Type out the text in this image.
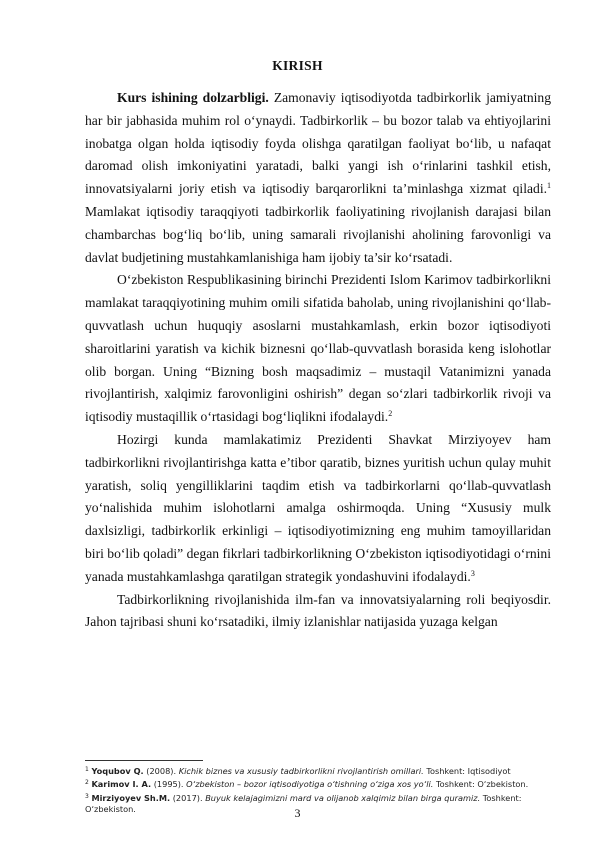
KIRISH

Kurs ishining dolzarbligi. Zamonaviy iqtisodiyotda tadbirkorlik jamiyatning har bir jabhasida muhim rol o‘ynaydi. Tadbirkorlik – bu bozor talab va ehtiyojlarini inobatga olgan holda iqtisodiy foyda olishga qaratilgan faoliyat bo‘lib, u nafaqat daromad olish imkoniyatini yaratadi, balki yangi ish o‘rinlarini tashkil etish, innovatsiyalarni joriy etish va iqtisodiy barqarorlikni ta’minlashga xizmat qiladi.$^1$ Mamlakat iqtisodiy taraqqiyoti tadbirkorlik faoliyatining rivojlanish darajasi bilan chambarchas bog‘liq bo‘lib, uning samarali rivojlanishi aholining farovonligi va davlat budjetining mustahkamlanishiga ham ijobiy ta’sir ko‘rsatadi.

O‘zbekiston Respublikasining birinchi Prezidenti Islom Karimov tadbirkorlikni mamlakat taraqqiyotining muhim omili sifatida baholab, uning rivojlanishini qo‘llab-quvvatlash uchun huquqiy asoslarni mustahkamlash, erkin bozor iqtisodiyoti sharoitlarini yaratish va kichik biznesni qo‘llab-quvvatlash borasida keng islohotlar olib borgan. Uning “Bizning bosh maqsadimiz – mustaqil Vatanimizni yanada rivojlantirish, xalqimiz farovonligini oshirish” degan so‘zlari tadbirkorlik rivoji va iqtisodiy mustaqillik o‘rtasidagi bog‘liqlikni ifodalaydi.$^2$

Hozirgi kunda mamlakatimiz Prezidenti Shavkat Mirziyoyev ham tadbirkorlikni rivojlantirishga katta e’tibor qaratib, biznes yuritish uchun qulay muhit yaratish, soliq yengilliklarini taqdim etish va tadbirkorlarni qo‘llab-quvvatlash yo‘nalishida muhim islohotlarni amalga oshirmoqda. Uning “Xususiy mulk daxlsizligi, tadbirkorlik erkinligi – iqtisodiyotimizning eng muhim tamoyillaridan biri bo‘lib qoladi” degan fikrlari tadbirkorlikning O‘zbekiston iqtisodiyotidagi o‘rnini yanada mustahkamlashga qaratilgan strategik yondashuvini ifodalaydi.$^3$

Tadbirkorlikning rivojlanishida ilm-fan va innovatsiyalarning roli beqiyosdir. Jahon tajribasi shuni ko‘rsatadiki, ilmiy izlanishlar natijasida yuzaga kelgan

$^1$ Yoqubov Q. (2008). Kichik biznes va xususiy tadbirkorlikni rivojlantirish omillari. Toshkent: Iqtisodiyot
$^2$ Karimov I. A. (1995). O‘zbekiston – bozor iqtisodiyotiga o‘tishning o‘ziga xos yo‘li. Toshkent: O‘zbekiston.
$^3$ Mirziyoyev Sh.M. (2017). Buyuk kelajagimizni mard va olijanob xalqimiz bilan birga quramiz. Toshkent: O‘zbekiston.	3
